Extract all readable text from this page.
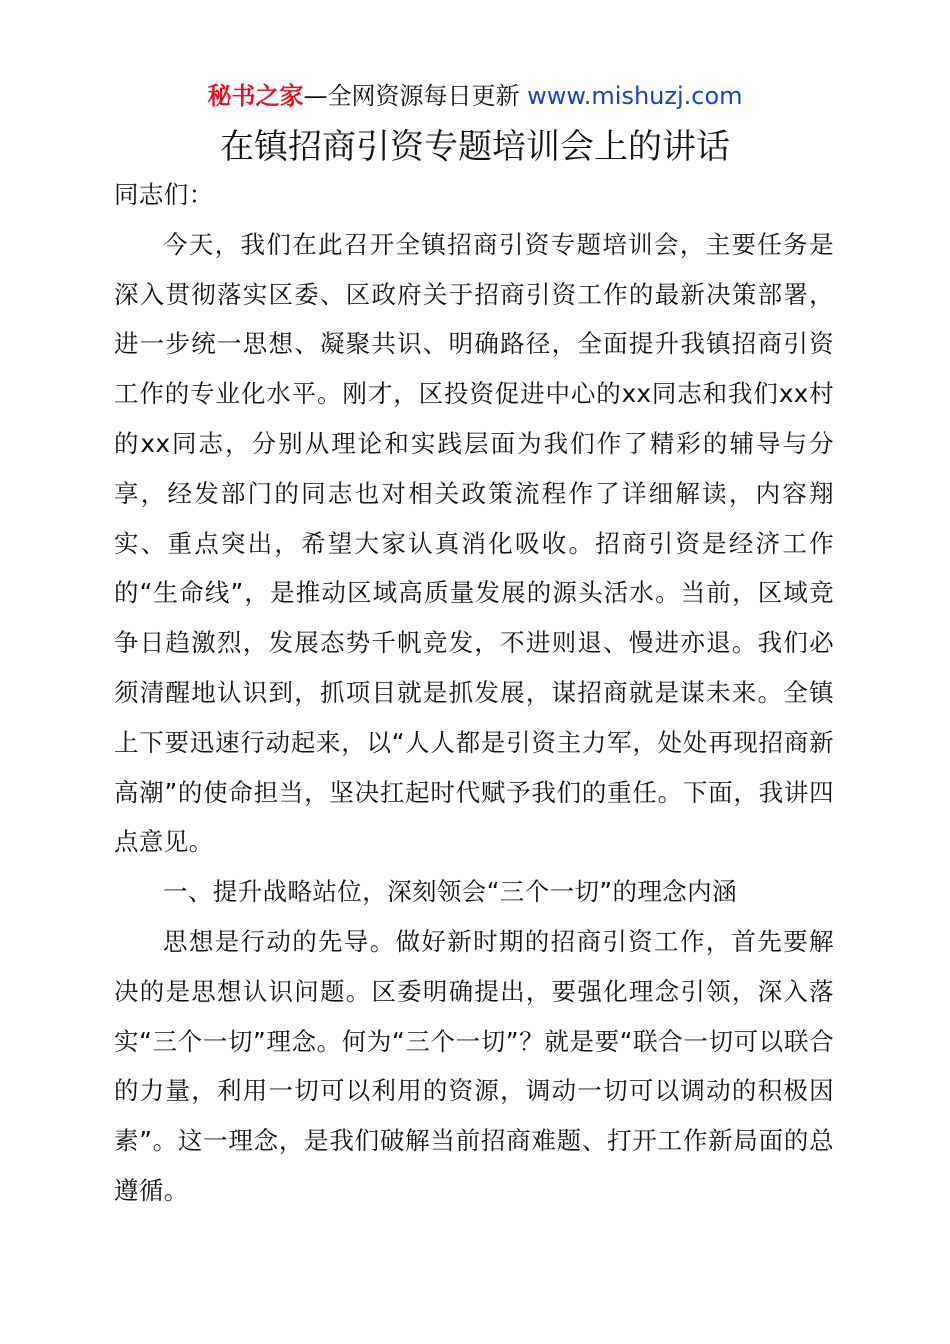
秘书之家—全网资源每日更新 www.mishuzj.com
在镇招商引资专题培训会上的讲话

同志们：

今天，我们在此召开全镇招商引资专题培训会，主要任务是深入贯彻落实区委、区政府关于招商引资工作的最新决策部署，进一步统一思想、凝聚共识、明确路径，全面提升我镇招商引资工作的专业化水平。刚才，区投资促进中心的xx同志和我们xx村的xx同志，分别从理论和实践层面为我们作了精彩的辅导与分享，经发部门的同志也对相关政策流程作了详细解读，内容翔实、重点突出，希望大家认真消化吸收。招商引资是经济工作的“生命线”，是推动区域高质量发展的源头活水。当前，区域竞争日趋激烈，发展态势千帆竞发，不进则退、慢进亦退。我们必须清醒地认识到，抓项目就是抓发展，谋招商就是谋未来。全镇上下要迅速行动起来，以“人人都是引资主力军，处处再现招商新高潮”的使命担当，坚决扛起时代赋予我们的重任。下面，我讲四点意见。

一、提升战略站位，深刻领会“三个一切”的理念内涵

思想是行动的先导。做好新时期的招商引资工作，首先要解决的是思想认识问题。区委明确提出，要强化理念引领，深入落实“三个一切”理念。何为“三个一切”？就是要“联合一切可以联合的力量，利用一切可以利用的资源，调动一切可以调动的积极因素”。这一理念，是我们破解当前招商难题、打开工作新局面的总遵循。
